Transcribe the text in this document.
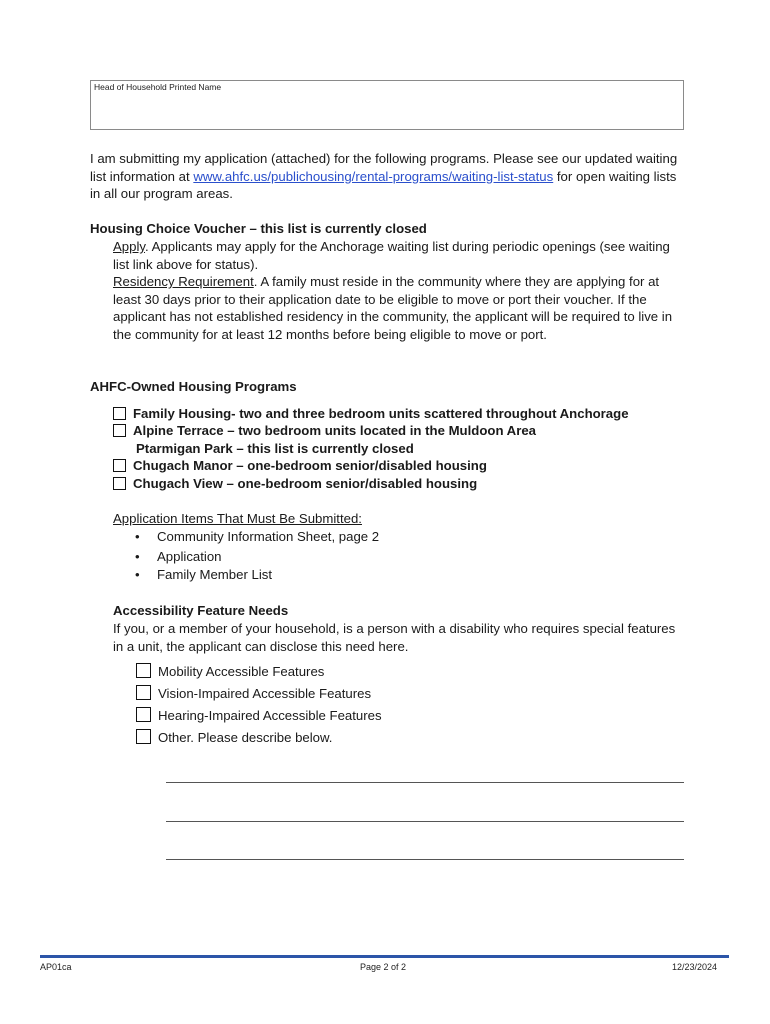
Head of Household Printed Name
I am submitting my application (attached) for the following programs. Please see our updated waiting list information at www.ahfc.us/publichousing/rental-programs/waiting-list-status for open waiting lists in all our program areas.
Housing Choice Voucher – this list is currently closed
Apply. Applicants may apply for the Anchorage waiting list during periodic openings (see waiting list link above for status).
Residency Requirement. A family must reside in the community where they are applying for at least 30 days prior to their application date to be eligible to move or port their voucher. If the applicant has not established residency in the community, the applicant will be required to live in the community for at least 12 months before being eligible to move or port.
AHFC-Owned Housing Programs
Family Housing- two and three bedroom units scattered throughout Anchorage
Alpine Terrace – two bedroom units located in the Muldoon Area
Ptarmigan Park – this list is currently closed
Chugach Manor – one-bedroom senior/disabled housing
Chugach View – one-bedroom senior/disabled housing
Application Items That Must Be Submitted:
• Community Information Sheet, page 2
• Application
• Family Member List
Accessibility Feature Needs
If you, or a member of your household, is a person with a disability who requires special features in a unit, the applicant can disclose this need here.
Mobility Accessible Features
Vision-Impaired Accessible Features
Hearing-Impaired Accessible Features
Other. Please describe below.
AP01ca	Page 2 of 2	12/23/2024
